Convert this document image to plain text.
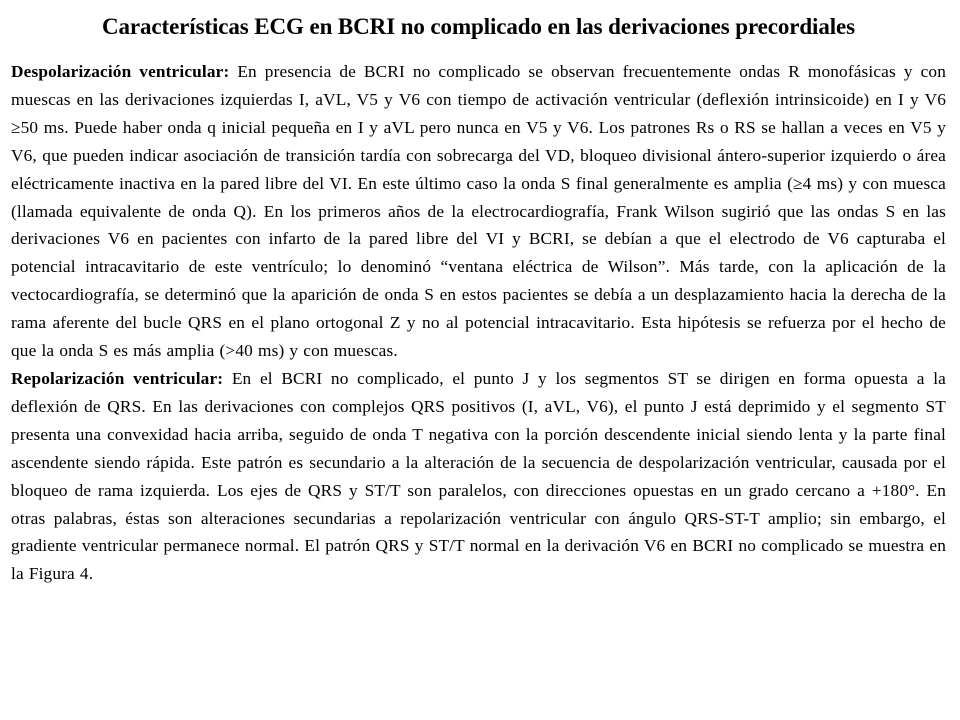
Características ECG en BCRI no complicado en las derivaciones precordiales

Despolarización ventricular: En presencia de BCRI no complicado se observan frecuentemente ondas R monofásicas y con muescas en las derivaciones izquierdas I, aVL, V5 y V6 con tiempo de activación ventricular (deflexión intrinsicoide) en I y V6 ≥50 ms. Puede haber onda q inicial pequeña en I y aVL pero nunca en V5 y V6. Los patrones Rs o RS se hallan a veces en V5 y V6, que pueden indicar asociación de transición tardía con sobrecarga del VD, bloqueo divisional ántero-superior izquierdo o área eléctricamente inactiva en la pared libre del VI. En este último caso la onda S final generalmente es amplia (≥4 ms) y con muesca (llamada equivalente de onda Q). En los primeros años de la electrocardiografía, Frank Wilson sugirió que las ondas S en las derivaciones V6 en pacientes con infarto de la pared libre del VI y BCRI, se debían a que el electrodo de V6 capturaba el potencial intracavitario de este ventrículo; lo denominó “ventana eléctrica de Wilson”. Más tarde, con la aplicación de la vectocardiografía, se determinó que la aparición de onda S en estos pacientes se debía a un desplazamiento hacia la derecha de la rama aferente del bucle QRS en el plano ortogonal Z y no al potencial intracavitario. Esta hipótesis se refuerza por el hecho de que la onda S es más amplia (>40 ms) y con muescas.

Repolarización ventricular: En el BCRI no complicado, el punto J y los segmentos ST se dirigen en forma opuesta a la deflexión de QRS. En las derivaciones con complejos QRS positivos (I, aVL, V6), el punto J está deprimido y el segmento ST presenta una convexidad hacia arriba, seguido de onda T negativa con la porción descendente inicial siendo lenta y la parte final ascendente siendo rápida. Este patrón es secundario a la alteración de la secuencia de despolarización ventricular, causada por el bloqueo de rama izquierda. Los ejes de QRS y ST/T son paralelos, con direcciones opuestas en un grado cercano a +180°. En otras palabras, éstas son alteraciones secundarias a repolarización ventricular con ángulo QRS-ST-T amplio; sin embargo, el gradiente ventricular permanece normal. El patrón QRS y ST/T normal en la derivación V6 en BCRI no complicado se muestra en la Figura 4.
